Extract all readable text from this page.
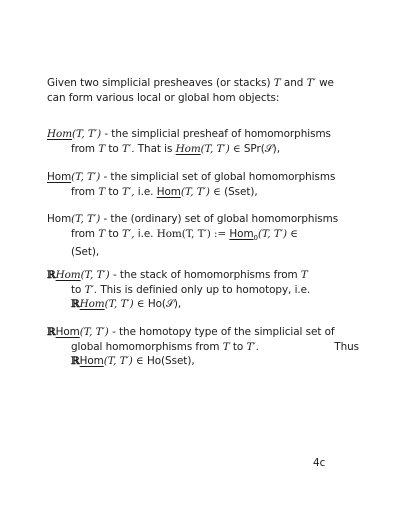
Given two simplicial presheaves (or stacks) T and T′ we
can form various local or global hom objects:
Hom(T, T′) - the simplicial presheaf of homomorphisms
from T to T′. That is Hom(T, T′) ∈ SPr(𝒮),
Hom(T, T′) - the simplicial set of global homomorphisms
from T to T′, i.e. Hom(T, T′) ∈ (Sset),
Hom(T, T′) - the (ordinary) set of global homomorphisms
from T to T′, i.e. Hom(T, T′) := Hom$_0$(T, T′) ∈
(Set),
ℝHom(T, T′) - the stack of homomorphisms from T
to T′. This is definied only up to homotopy, i.e.
ℝHom(T, T′) ∈ Ho(𝒮),
ℝHom(T, T′) - the homotopy type of the simplicial set of
global homomorphisms from T to T′.	Thus
ℝHom(T, T′) ∈ Ho(Sset),
4c
